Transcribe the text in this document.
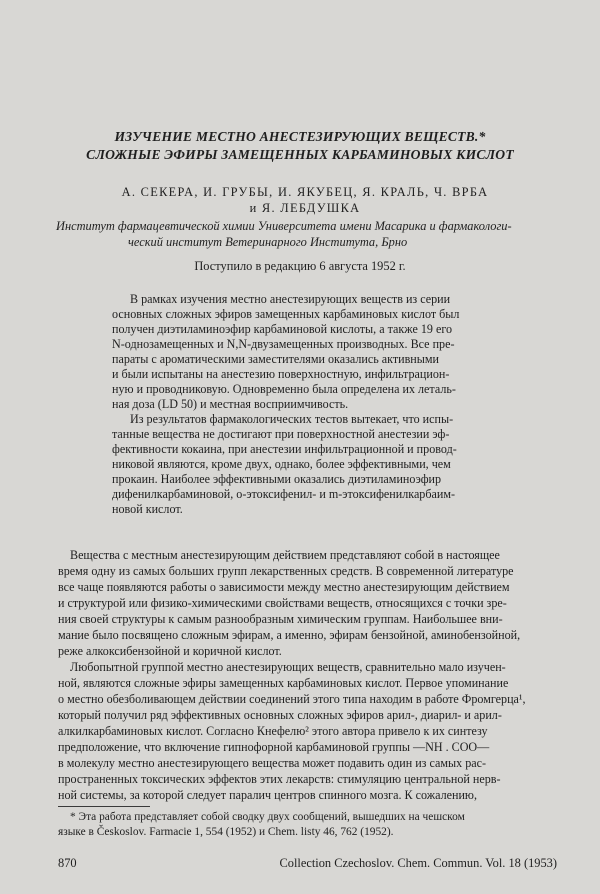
ИЗУЧЕНИЕ МЕСТНО АНЕСТЕЗИРУЮЩИХ ВЕЩЕСТВ.*
СЛОЖНЫЕ ЭФИРЫ ЗАМЕЩЕННЫХ КАРБАМИНОВЫХ КИСЛОТ
А. СЕКЕРА, И. ГРУБЫ, И. ЯКУБЕЦ, Я. КРАЛЬ, Ч. ВРБА
и Я. ЛЕБДУШКА
Институт фармацевтической химии Университета имени Масарика и фармакологи-
ческий институт Ветеринарного Института, Брно
Поступило в редакцию 6 августа 1952 г.
В рамках изучения местно анестезирующих веществ из серии
основных сложных эфиров замещенных карбаминовых кислот был
получен диэтиламиноэфир карбаминовой кислоты, а также 19 его
N-однозамещенных и N,N-двузамещенных производных. Все пре-
параты с ароматическими заместителями оказались активными
и были испытаны на анестезию поверхностную, инфильтрацион-
ную и проводниковую. Одновременно была определена их леталь-
ная доза (LD 50) и местная восприимчивость.
Из результатов фармакологических тестов вытекает, что испы-
танные вещества не достигают при поверхностной анестезии эф-
фективности кокаина, при анестезии инфильтрационной и провод-
никовой являются, кроме двух, однако, более эффективными, чем
прокаин. Наиболее эффективными оказались диэтиламиноэфир
дифенилкарбаминовой, o-этоксифенил- и m-этоксифенилкарбаим-
новой кислот.
Вещества с местным анестезирующим действием представляют собой в настоящее
время одну из самых больших групп лекарственных средств. В современной литературе
все чаще появляются работы о зависимости между местно анестезирующим действием
и структурой или физико-химическими свойствами веществ, относящихся с точки зре-
ния своей структуры к самым разнообразным химическим группам. Наибольшее вни-
мание было посвящено сложным эфирам, а именно, эфирам бензойной, аминобензойной,
реже алкоксибензойной и коричной кислот.
Любопытной группой местно анестезирующих веществ, сравнительно мало изучен-
ной, являются сложные эфиры замещенных карбаминовых кислот. Первое упоминание
о местно обезболивающем действии соединений этого типа находим в работе Фромгерца¹,
который получил ряд эффективных основных сложных эфиров арил-, диарил- и арил-
алкилкарбаминовых кислот. Согласно Кнефелю² этого автора привело к их синтезу
предположение, что включение гипнофорной карбаминовой группы —NH . COO—
в молекулу местно анестезирующего вещества может подавить один из самых рас-
пространенных токсических эффектов этих лекарств: стимуляцию центральной нерв-
ной системы, за которой следует паралич центров спинного мозга. К сожалению,
* Эта работа представляет собой сводку двух сообщений, вышедших на чешском
языке в Českoslov. Farmacie 1, 554 (1952) и Chem. listy 46, 762 (1952).
870	Collection Czechoslov. Chem. Commun. Vol. 18 (1953)
